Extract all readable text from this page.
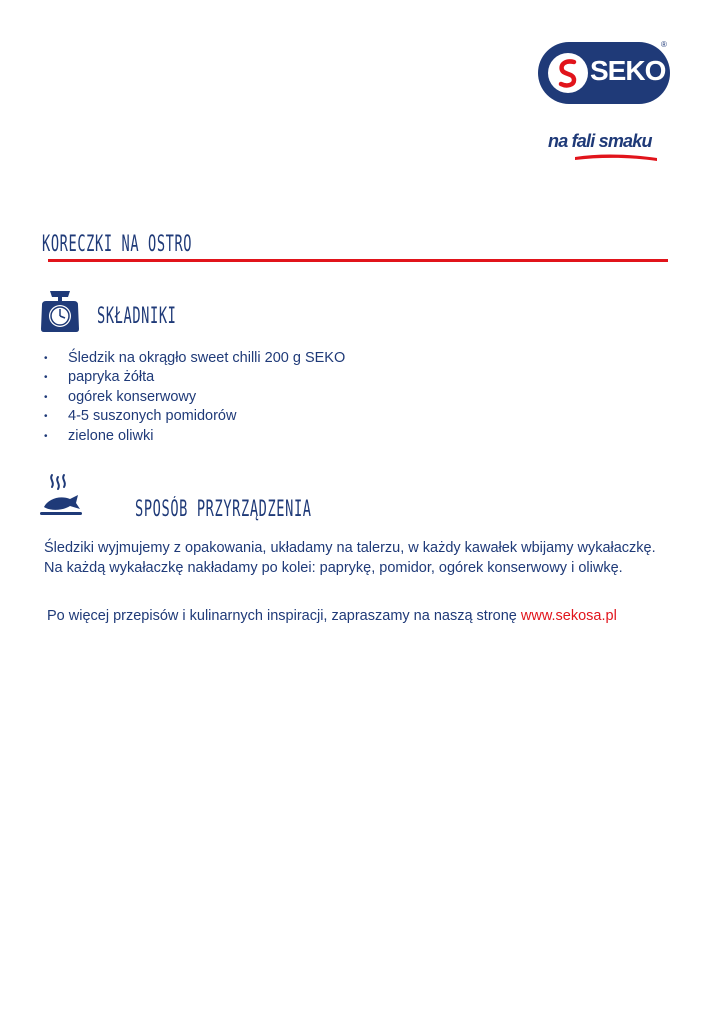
SEKO
®
na fali smaku
KORECZKI NA OSTRO
SKŁADNIKI
• Śledzik na okrągło sweet chilli 200 g SEKO
• papryka żółta
• ogórek konserwowy
• 4-5 suszonych pomidorów
• zielone oliwki
SPOSÓB PRZYRZĄDZENIA

Śledziki wyjmujemy z opakowania, układamy na talerzu, w każdy kawałek wbijamy wykałaczkę.
Na każdą wykałaczkę nakładamy po kolei: paprykę, pomidor, ogórek konserwowy i oliwkę.

Po więcej przepisów i kulinarnych inspiracji, zapraszamy na naszą stronę www.sekosa.pl
